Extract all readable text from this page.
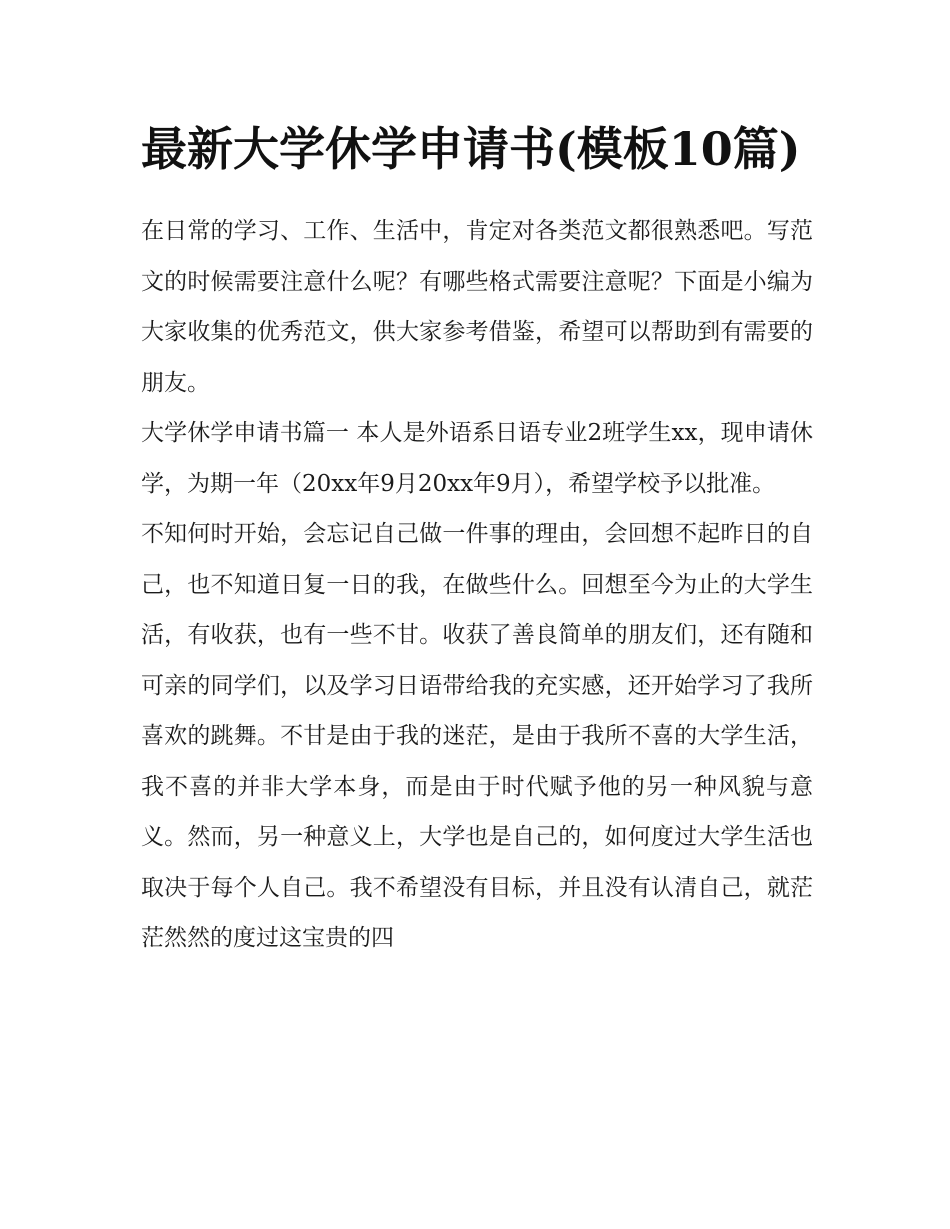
最新大学休学申请书(模板10篇)

在日常的学习、工作、生活中，肯定对各类范文都很熟悉吧。写范文的时候需要注意什么呢？有哪些格式需要注意呢？下面是小编为大家收集的优秀范文，供大家参考借鉴，希望可以帮助到有需要的朋友。

大学休学申请书篇一 本人是外语系日语专业2班学生xx，现申请休学，为期一年（20xx年9月20xx年9月），希望学校予以批准。

不知何时开始，会忘记自己做一件事的理由，会回想不起昨日的自己，也不知道日复一日的我，在做些什么。回想至今为止的大学生活，有收获，也有一些不甘。收获了善良简单的朋友们，还有随和可亲的同学们，以及学习日语带给我的充实感，还开始学习了我所喜欢的跳舞。不甘是由于我的迷茫，是由于我所不喜的大学生活，我不喜的并非大学本身，而是由于时代赋予他的另一种风貌与意义。然而，另一种意义上，大学也是自己的，如何度过大学生活也取决于每个人自己。我不希望没有目标，并且没有认清自己，就茫茫然然的度过这宝贵的四
